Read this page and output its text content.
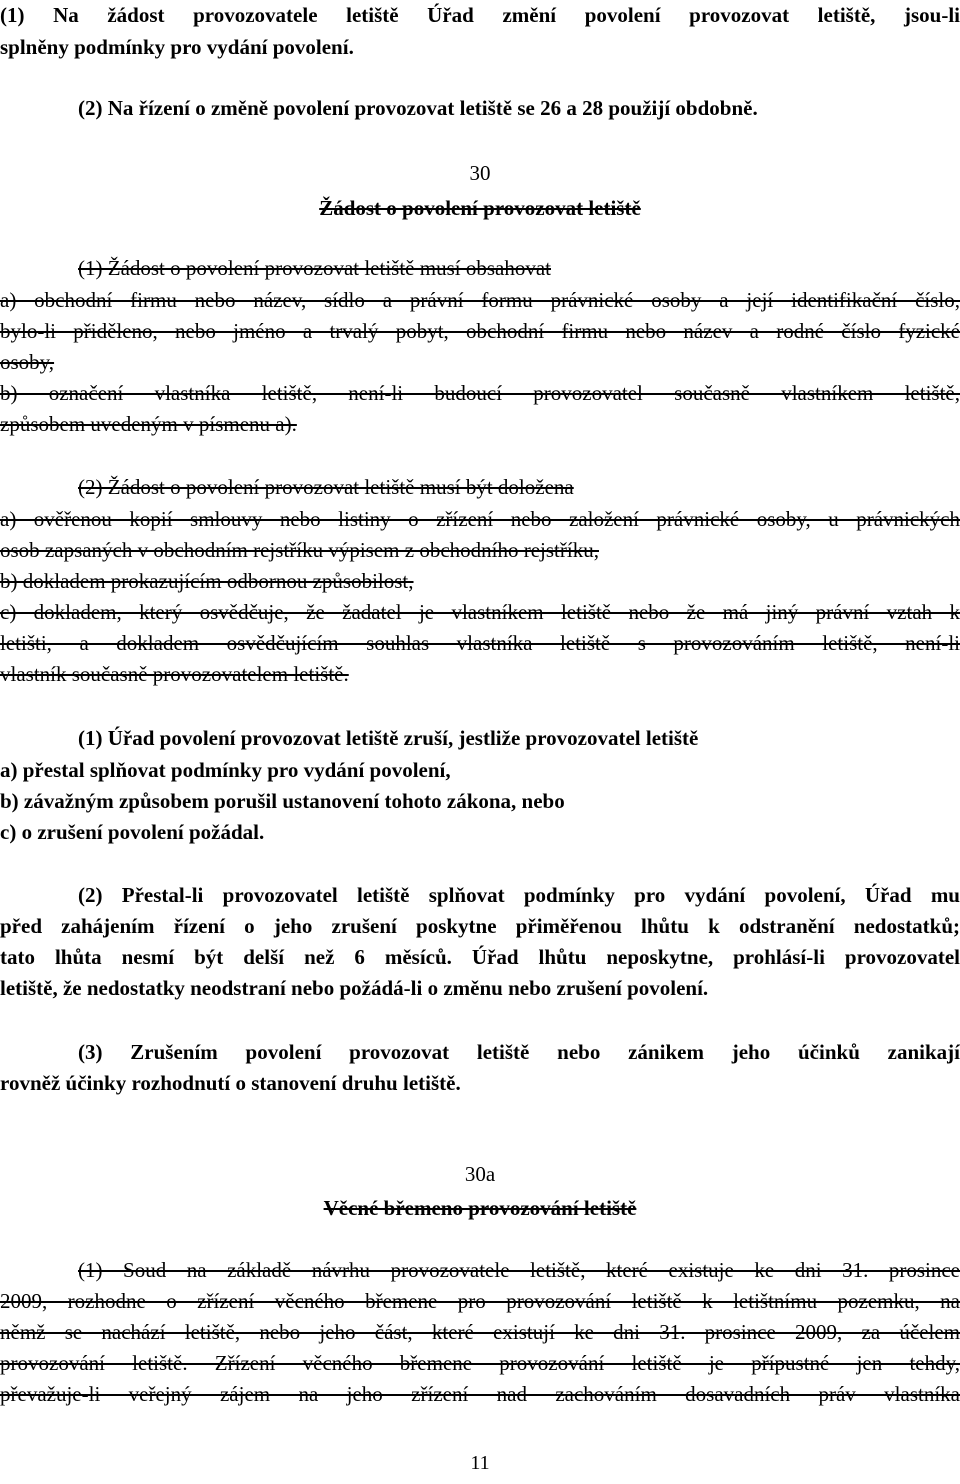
(1) Na žádost provozovatele letiště Úřad změní povolení provozovat letiště, jsou-li
splněny podmínky pro vydání povolení.
(2) Na řízení o změně povolení provozovat letiště se 26 a 28 použijí obdobně.
30
Žádost o povolení provozovat letiště
(1) Žádost o povolení provozovat letiště musí obsahovat
a) obchodní firmu nebo název, sídlo a právní formu právnické osoby a její identifikační číslo,
bylo-li přiděleno, nebo jméno a trvalý pobyt, obchodní firmu nebo název a rodné číslo fyzické
osoby,
b) označení vlastníka letiště, není-li budoucí provozovatel současně vlastníkem letiště,
způsobem uvedeným v písmenu a).
(2) Žádost o povolení provozovat letiště musí být doložena
a) ověřenou kopií smlouvy nebo listiny o zřízení nebo založení právnické osoby, u právnických
osob zapsaných v obchodním rejstříku výpisem z obchodního rejstříku,
b) dokladem prokazujícím odbornou způsobilost,
c) dokladem, který osvědčuje, že žadatel je vlastníkem letiště nebo že má jiný právní vztah k
letišti, a dokladem osvědčujícím souhlas vlastníka letiště s provozováním letiště, není-li
vlastník současně provozovatelem letiště.
(1) Úřad povolení provozovat letiště zruší, jestliže provozovatel letiště
a) přestal splňovat podmínky pro vydání povolení,
b) závažným způsobem porušil ustanovení tohoto zákona, nebo
c) o zrušení povolení požádal.
(2) Přestal-li provozovatel letiště splňovat podmínky pro vydání povolení, Úřad mu
před zahájením řízení o jeho zrušení poskytne přiměřenou lhůtu k odstranění nedostatků;
tato lhůta nesmí být delší než 6 měsíců. Úřad lhůtu neposkytne, prohlásí-li provozovatel
letiště, že nedostatky neodstraní nebo požádá-li o změnu nebo zrušení povolení.
(3) Zrušením povolení provozovat letiště nebo zánikem jeho účinků zanikají
rovněž účinky rozhodnutí o stanovení druhu letiště.
30a
Věcné břemeno provozování letiště
(1) Soud na základě návrhu provozovatele letiště, které existuje ke dni 31. prosince
2009, rozhodne o zřízení věcného břemene pro provozování letiště k letištnímu pozemku, na
němž se nachází letiště, nebo jeho část, které existují ke dni 31. prosince 2009, za účelem
provozování letiště. Zřízení věcného břemene provozování letiště je přípustné jen tehdy,
převažuje-li veřejný zájem na jeho zřízení nad zachováním dosavadních práv vlastníka
11
